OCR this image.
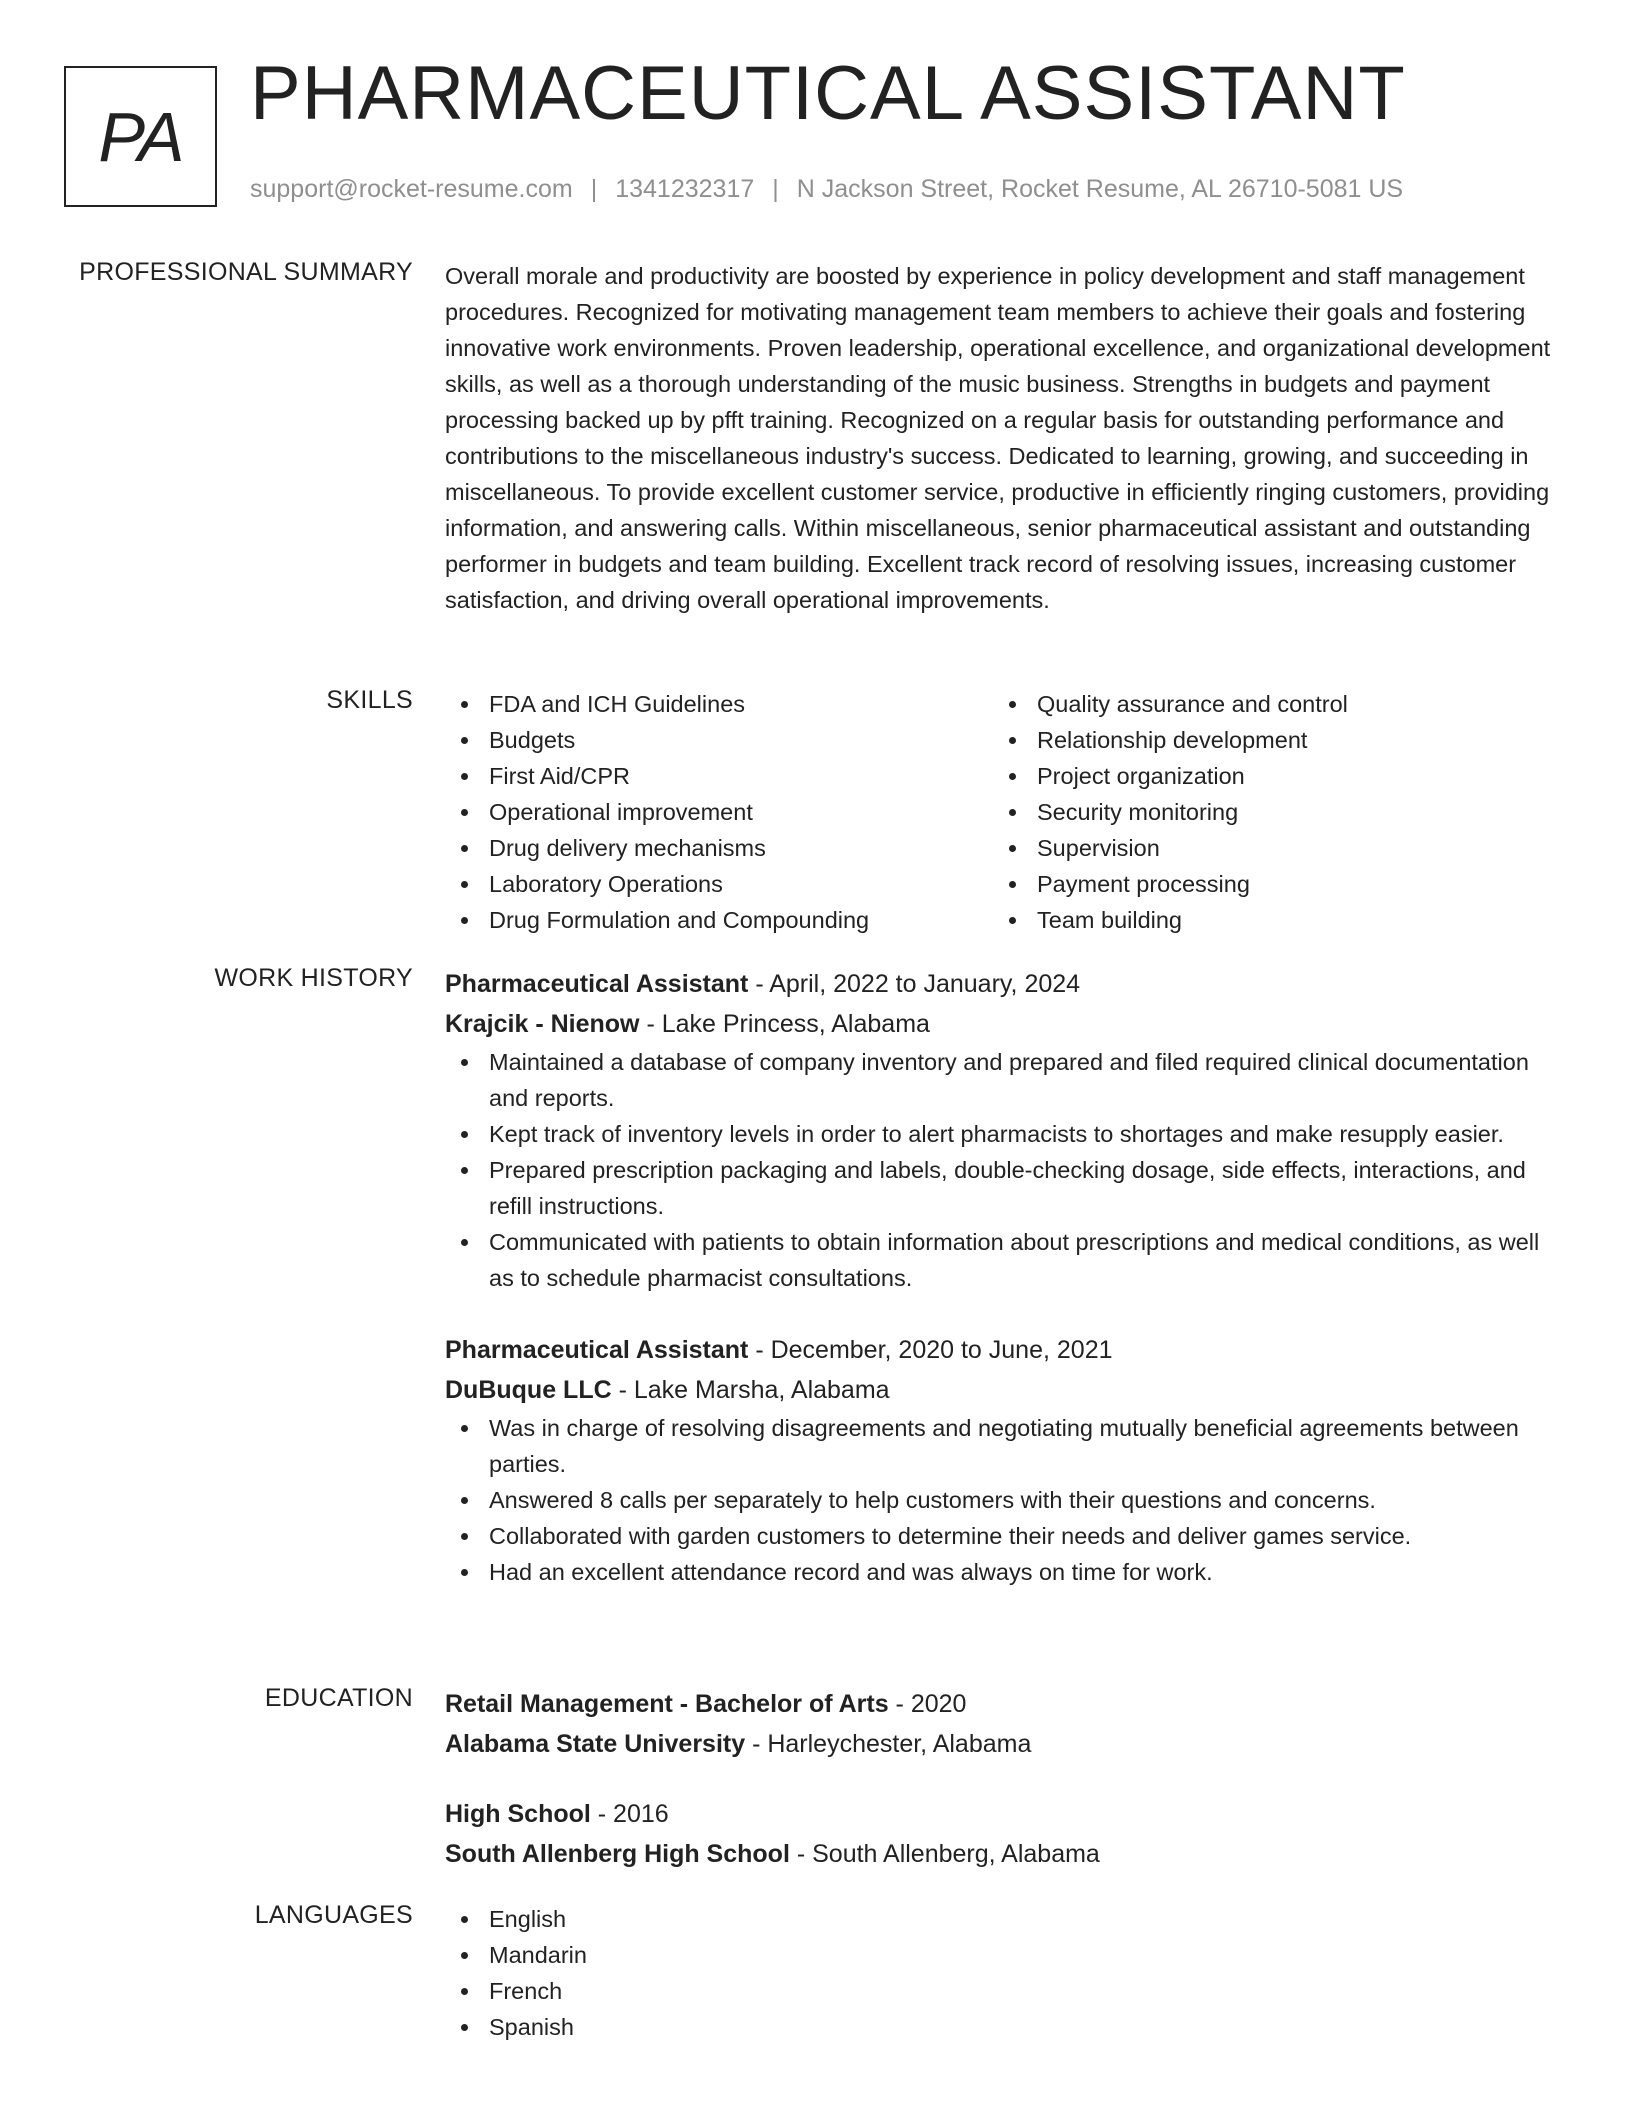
PA
PHARMACEUTICAL ASSISTANT
support@rocket-resume.com | 1341232317 | N Jackson Street, Rocket Resume, AL 26710-5081 US
PROFESSIONAL SUMMARY Overall morale and productivity are boosted by experience in policy development and staff management procedures. Recognized for motivating management team members to achieve their goals and fostering innovative work environments. Proven leadership, operational excellence, and organizational development skills, as well as a thorough understanding of the music business. Strengths in budgets and payment processing backed up by pfft training. Recognized on a regular basis for outstanding performance and contributions to the miscellaneous industry's success. Dedicated to learning, growing, and succeeding in miscellaneous. To provide excellent customer service, productive in efficiently ringing customers, providing information, and answering calls. Within miscellaneous, senior pharmaceutical assistant and outstanding performer in budgets and team building. Excellent track record of resolving issues, increasing customer satisfaction, and driving overall operational improvements.

SKILLS	FDA and ICH Guidelines
Budgets
First Aid/CPR
Operational improvement
Drug delivery mechanisms
Laboratory Operations
Drug Formulation and Compounding
Quality assurance and control
Relationship development
Project organization
Security monitoring
Supervision
Payment processing
Team building
WORK HISTORY Pharmaceutical Assistant - April, 2022 to January, 2024
Krajcik - Nienow - Lake Princess, Alabama
Maintained a database of company inventory and prepared and filed required clinical documentation and reports.
Kept track of inventory levels in order to alert pharmacists to shortages and make resupply easier.
Prepared prescription packaging and labels, double-checking dosage, side effects, interactions, and refill instructions.
Communicated with patients to obtain information about prescriptions and medical conditions, as well as to schedule pharmacist consultations.
Pharmaceutical Assistant - December, 2020 to June, 2021
DuBuque LLC - Lake Marsha, Alabama
Was in charge of resolving disagreements and negotiating mutually beneficial agreements between parties.
Answered 8 calls per separately to help customers with their questions and concerns.
Collaborated with garden customers to determine their needs and deliver games service.
Had an excellent attendance record and was always on time for work.
EDUCATION Retail Management - Bachelor of Arts - 2020
Alabama State University - Harleychester, Alabama
High School - 2016
South Allenberg High School - South Allenberg, Alabama
LANGUAGES	English
Mandarin
French
Spanish
